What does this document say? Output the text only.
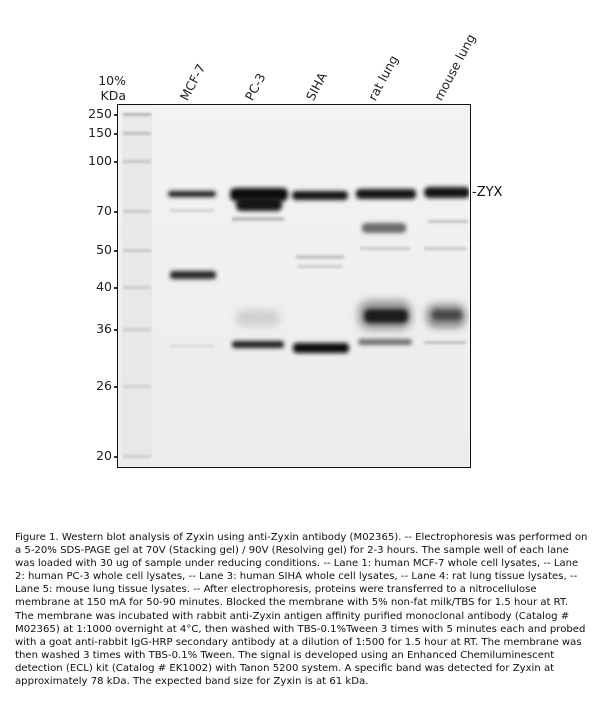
10%
KDa	MCF-7	PC-3	SIHA	rat lung mouse lung
250
150
100
70
50
40
36
26
20
-ZYX
Figure 1. Western blot analysis of Zyxin using anti-Zyxin antibody (M02365). -- Electrophoresis was performed on a 5-20% SDS-PAGE gel at 70V (Stacking gel) / 90V (Resolving gel) for 2-3 hours. The sample well of each lane was loaded with 30 ug of sample under reducing conditions. -- Lane 1: human MCF-7 whole cell lysates, -- Lane 2: human PC-3 whole cell lysates, -- Lane 3: human SIHA whole cell lysates, -- Lane 4: rat lung tissue lysates, -- Lane 5: mouse lung tissue lysates. -- After electrophoresis, proteins were transferred to a nitrocellulose membrane at 150 mA for 50-90 minutes. Blocked the membrane with 5% non-fat milk/TBS for 1.5 hour at RT. The membrane was incubated with rabbit anti-Zyxin antigen affinity purified monoclonal antibody (Catalog # M02365) at 1:1000 overnight at 4°C, then washed with TBS-0.1%Tween 3 times with 5 minutes each and probed with a goat anti-rabbit IgG-HRP secondary antibody at a dilution of 1:500 for 1.5 hour at RT. The membrane was then washed 3 times with TBS-0.1% Tween. The signal is developed using an Enhanced Chemiluminescent detection (ECL) kit (Catalog # EK1002) with Tanon 5200 system. A specific band was detected for Zyxin at approximately 78 kDa. The expected band size for Zyxin is at 61 kDa.
